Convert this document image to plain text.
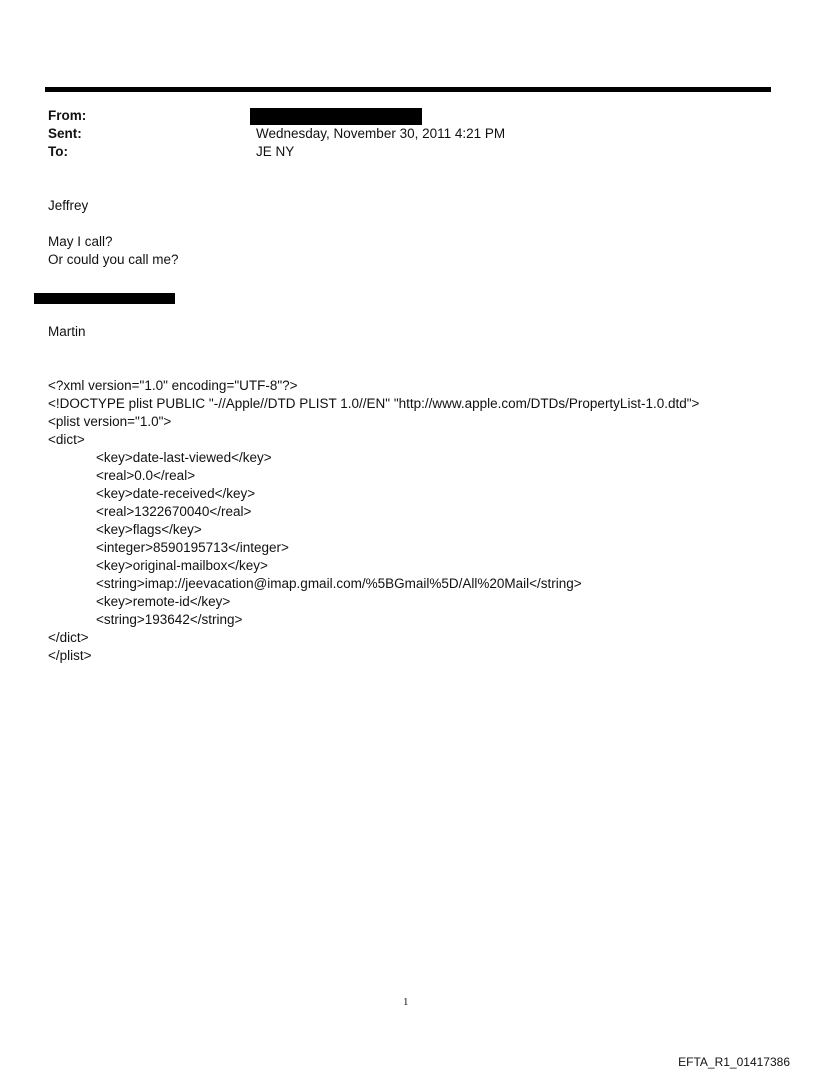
From:
Sent:	Wednesday, November 30, 2011 4:21 PM
To:	JE NY
Jeffrey
May I call?
Or could you call me?
Martin
<?xml version="1.0" encoding="UTF-8"?>
<!DOCTYPE plist PUBLIC "-//Apple//DTD PLIST 1.0//EN" "http://www.apple.com/DTDs/PropertyList-1.0.dtd">
<plist version="1.0">
<dict>
<key>date-last-viewed</key>
<real>0.0</real>
<key>date-received</key>
<real>1322670040</real>
<key>flags</key>
<integer>8590195713</integer>
<key>original-mailbox</key>
<string>imap://jeevacation@imap.gmail.com/%5BGmail%5D/All%20Mail</string>
<key>remote-id</key>
<string>193642</string>
</dict>
</plist>
1
EFTA_R1_01417386
